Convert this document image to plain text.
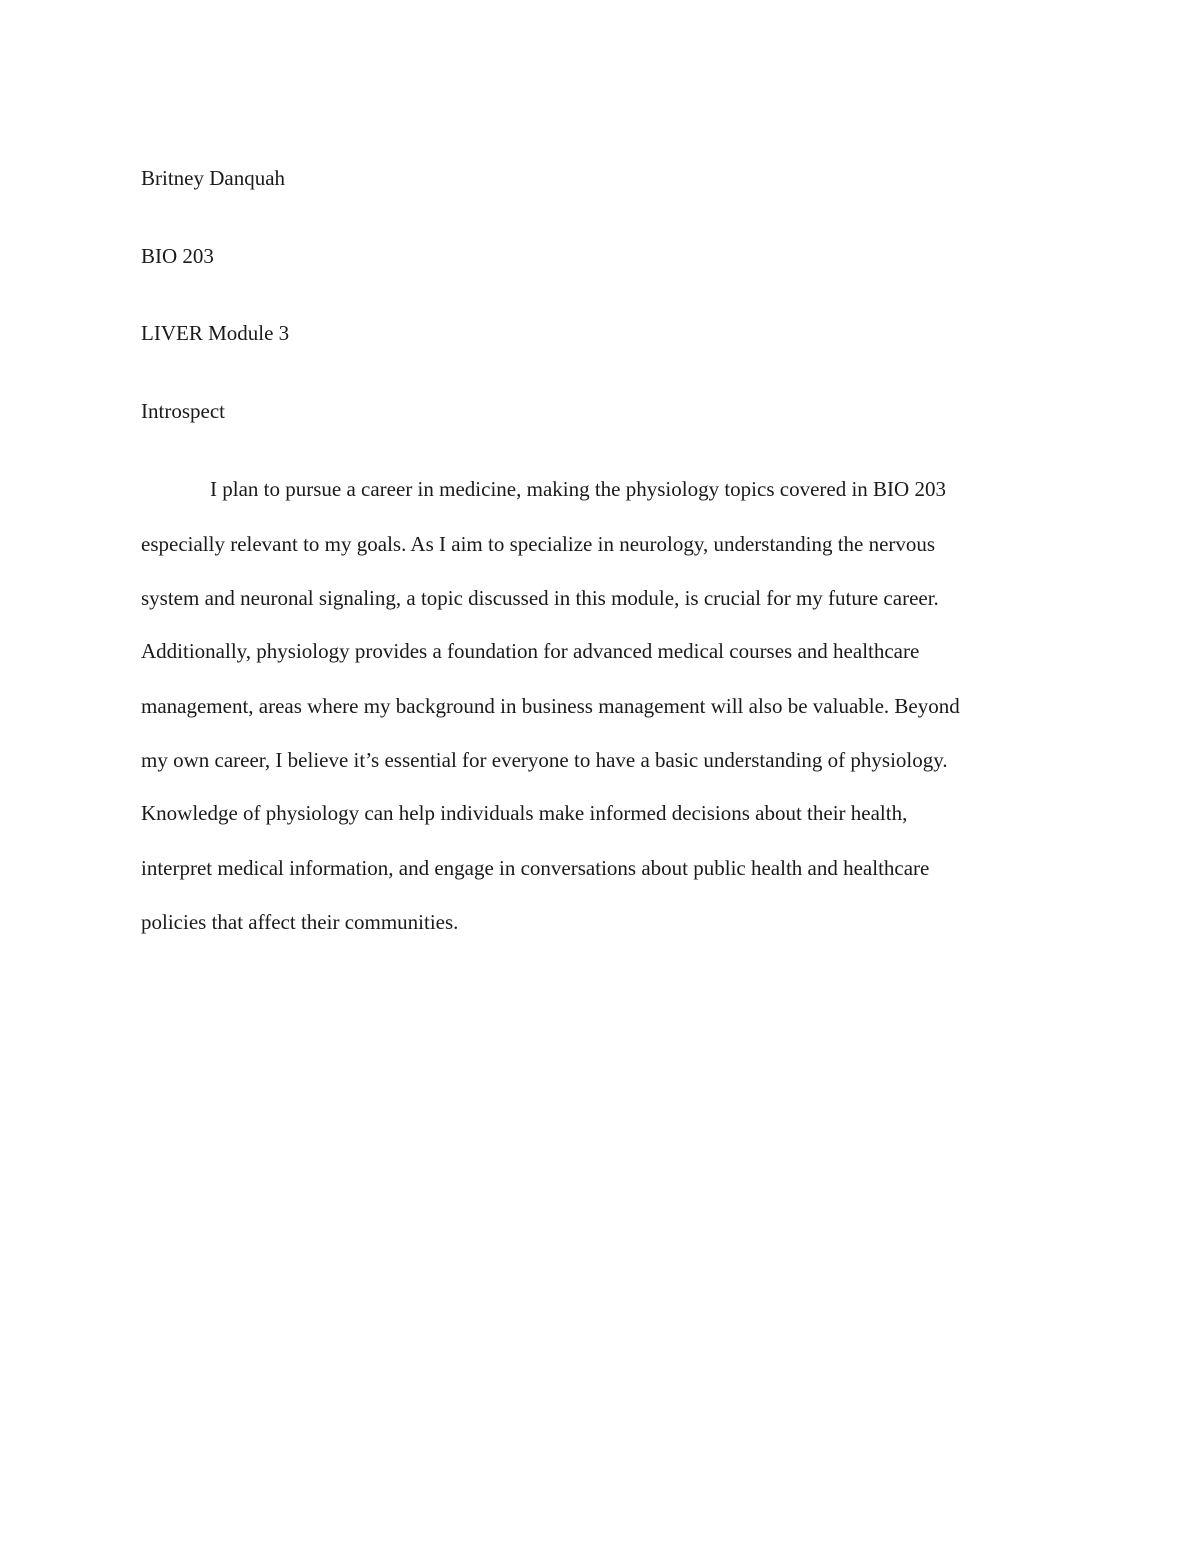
Britney Danquah

BIO 203

LIVER Module 3

Introspect

I plan to pursue a career in medicine, making the physiology topics covered in BIO 203

especially relevant to my goals. As I aim to specialize in neurology, understanding the nervous

system and neuronal signaling, a topic discussed in this module, is crucial for my future career.

Additionally, physiology provides a foundation for advanced medical courses and healthcare

management, areas where my background in business management will also be valuable. Beyond

my own career, I believe it’s essential for everyone to have a basic understanding of physiology.

Knowledge of physiology can help individuals make informed decisions about their health,

interpret medical information, and engage in conversations about public health and healthcare

policies that affect their communities.
